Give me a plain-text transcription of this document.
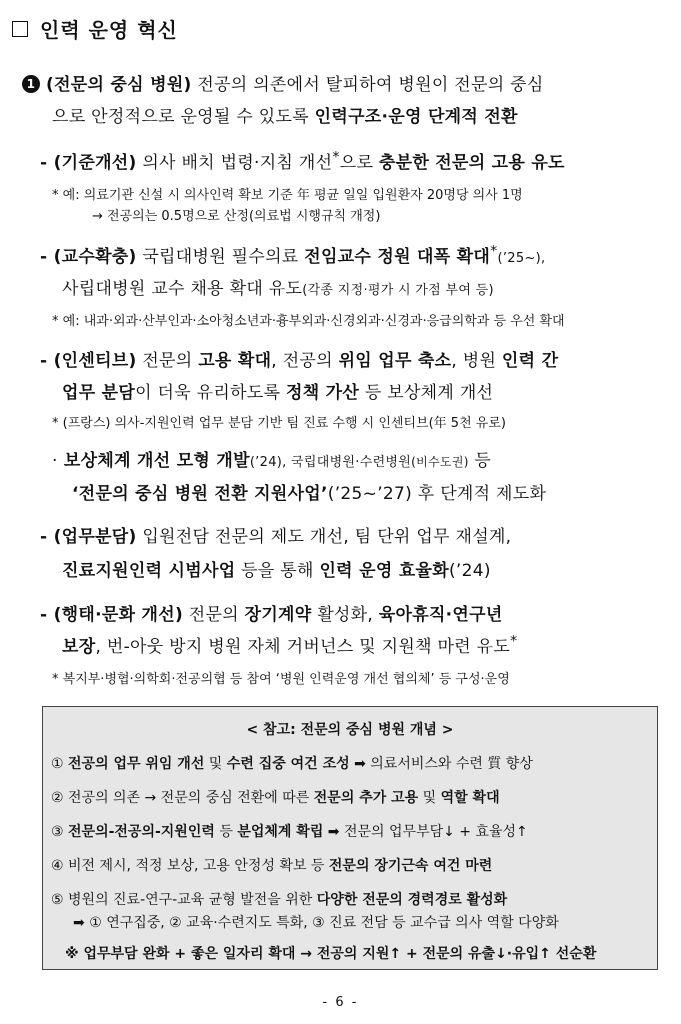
인력 운영 혁신
1 (전문의 중심 병원) 전공의 의존에서 탈피하여 병원이 전문의 중심
으로 안정적으로 운영될 수 있도록 인력구조·운영 단계적 전환
- (기준개선) 의사 배치 법령·지침 개선*으로 충분한 전문의 고용 유도
* 예: 의료기관 신설 시 의사인력 확보 기준 年 평균 일일 입원환자 20명당 의사 1명
→ 전공의는 0.5명으로 산정(의료법 시행규칙 개정)
- (교수확충) 국립대병원 필수의료 전임교수 정원 대폭 확대*(’25~),
사립대병원 교수 채용 확대 유도(각종 지정·평가 시 가점 부여 등)
* 예: 내과·외과·산부인과·소아청소년과·흉부외과·신경외과·신경과·응급의학과 등 우선 확대
- (인센티브) 전문의 고용 확대, 전공의 위임 업무 축소, 병원 인력 간
업무 분담이 더욱 유리하도록 정책 가산 등 보상체계 개선
* (프랑스) 의사-지원인력 업무 분담 기반 팀 진료 수행 시 인센티브(年 5천 유로)
· 보상체계 개선 모형 개발(’24), 국립대병원·수련병원(비수도권) 등
‘전문의 중심 병원 전환 지원사업’(’25~’27) 후 단계적 제도화
- (업무분담) 입원전담 전문의 제도 개선, 팀 단위 업무 재설계,
진료지원인력 시범사업 등을 통해 인력 운영 효율화(’24)
- (행태·문화 개선) 전문의 장기계약 활성화, 육아휴직·연구년
보장, 번-아웃 방지 병원 자체 거버넌스 및 지원책 마련 유도*
* 복지부·병협·의학회·전공의협 등 참여 ‘병원 인력운영 개선 협의체’ 등 구성·운영
< 참고: 전문의 중심 병원 개념 >
① 전공의 업무 위임 개선 및 수련 집중 여건 조성 ➡ 의료서비스와 수련 質 향상
② 전공의 의존 → 전문의 중심 전환에 따른 전문의 추가 고용 및 역할 확대
③ 전문의-전공의-지원인력 등 분업체계 확립 ➡ 전문의 업무부담↓ + 효율성↑
④ 비전 제시, 적정 보상, 고용 안정성 확보 등 전문의 장기근속 여건 마련
⑤ 병원의 진료-연구-교육 균형 발전을 위한 다양한 전문의 경력경로 활성화
➡ ① 연구집중, ② 교육·수련지도 특화, ③ 진료 전담 등 교수급 의사 역할 다양화
※ 업무부담 완화 + 좋은 일자리 확대 → 전공의 지원↑ + 전문의 유출↓·유입↑ 선순환
- 6 -
